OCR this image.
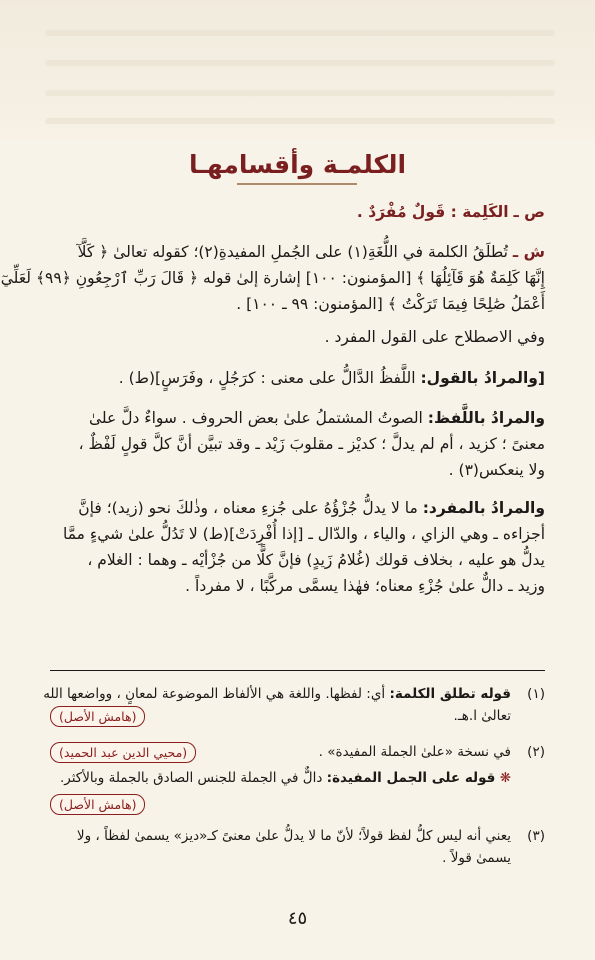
الكلمـة وأقسامهـا
ص ـ الكَلِمة : قَولٌ مُفْرَدٌ .
ش ـ تُطلَقُ الكلمة في اللُّغَةِ(١) على الجُملِ المفيدةِ(٢)؛ كقوله تعالىٰ ﴿ كَلَّآ
إِنَّهَا كَلِمَةٌ هُوَ قَآئِلُهَا ﴾ [المؤمنون: ١٠٠] إشارة إلىٰ قوله ﴿ قَالَ رَبِّ ٱرْجِعُونِ ﴿٩٩﴾ لَعَلِّيٓ
أَعْمَلُ صَٰلِحًا فِيمَا تَرَكْتُ ﴾ [المؤمنون: ٩٩ ـ ١٠٠] .
وفي الاصطلاح على القول المفرد .
[والمرادُ بالقول: اللَّفظُ الدَّالُّ على معنى : كرَجُلٍ ، وفَرَسٍ](ط) .
والمرادُ باللَّفظ: الصوتُ المشتملُ علىٰ بعض الحروف . سواءٌ دلَّ علىٰ
معنىً ؛ كزيد ، أم لم يدلَّ ؛ كديْز ـ مقلوبَ زَيْد ـ وقد تبيَّن أنَّ كلَّ قولٍ لَفْظٌ ،
ولا ينعكس(٣) .
والمرادُ بالمفرد: ما لا يدلُّ جُزْؤُهُ على جُزءِ معناه ، وذٰلكَ نحو (زيد)؛ فإنَّ
أجزاءه ـ وهي الزاي ، والياء ، والدّال ـ [إذا أُفْرِدَتْ](ط) لا تَدُلُّ علىٰ شيءٍ ممَّا
يدلُّ هو عليه ، بخلاف قولك (غُلامُ زَيدٍ) فإنَّ كلًّا من جُزْأيْه ـ وهما : الغلام ،
وزيد ـ دالٌّ علىٰ جُزْءِ معناه؛ فهٰذا يسمَّى مركَّبًا ، لا مفرداً .
(١)قوله تطلق الكلمة: أي: لفظها. واللغة هي الألفاظ الموضوعة لمعانٍ ، وواضعها الله
تعالىٰ ا.هـ.
(هامش الأصل)
(٢)في نسخة «علىٰ الجملة المفيدة» .
(محيي الدين عبد الحميد)
❋ قوله على الجمل المفيدة: دالٌّ في الجملة للجنس الصادق بالجملة وبالأكثر.
(هامش الأصل)
(٣)يعني أنه ليس كلُّ لفظ قولاً؛ لأنّ ما لا يدلُّ علىٰ معنىً كـ«ديز» يسمىٰ لفظاً ، ولا
يسمىٰ قولاً .
٤٥
